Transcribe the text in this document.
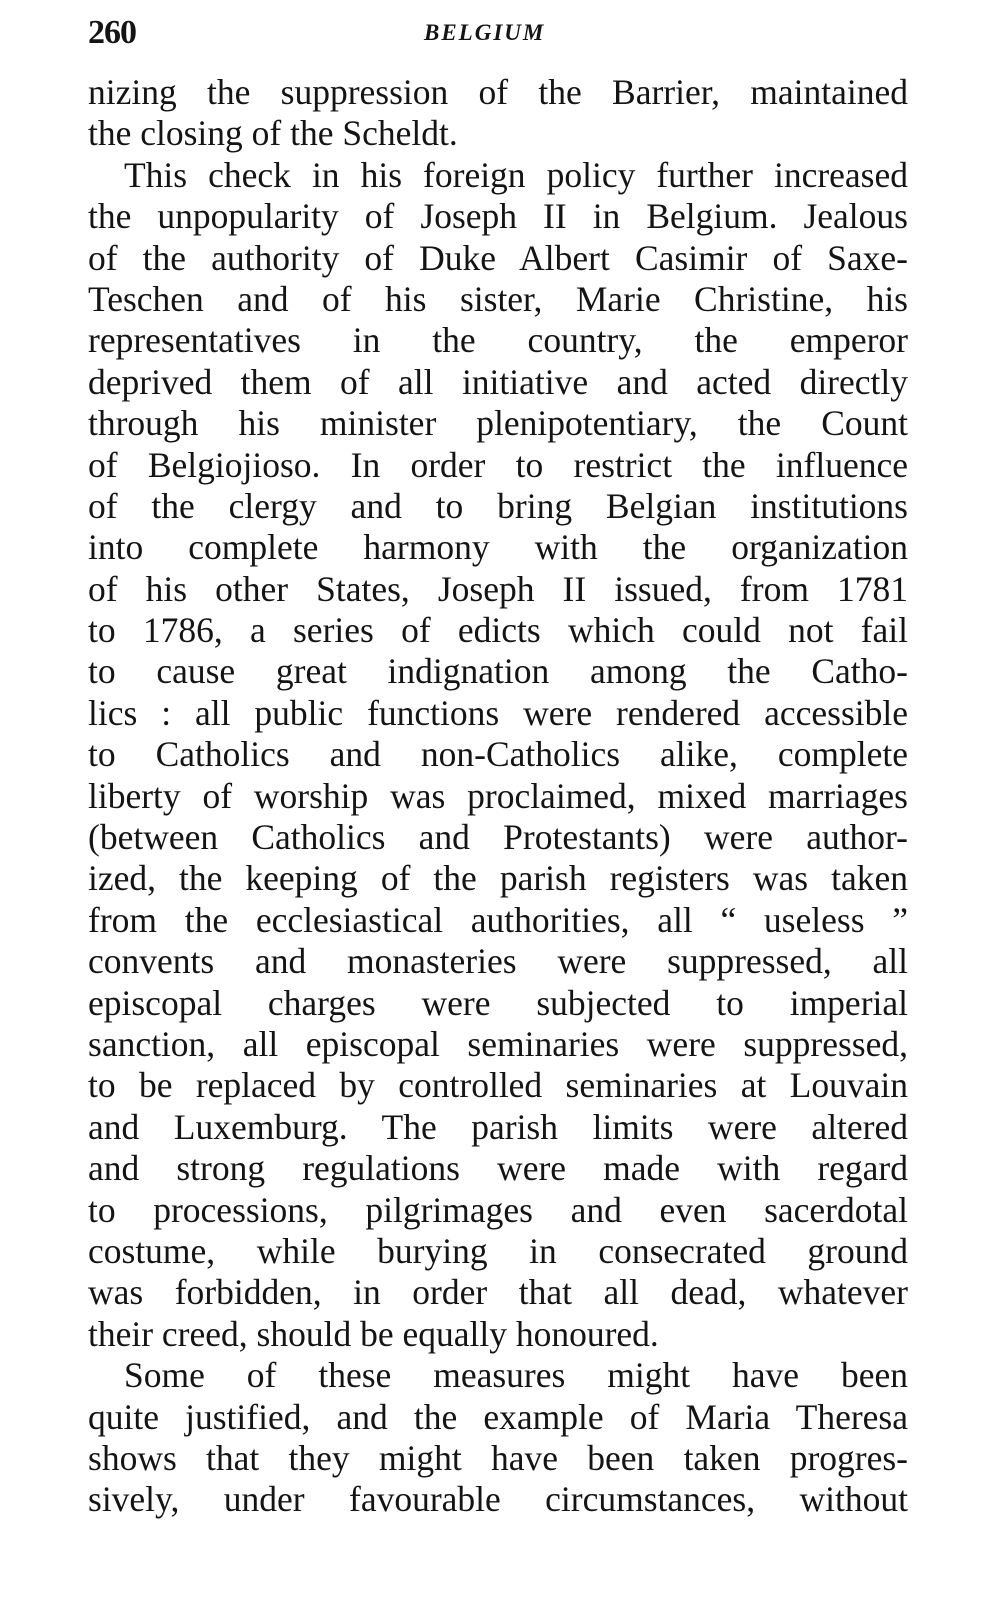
260	BELGIUM
nizing the suppression of the Barrier, maintained
the closing of the Scheldt.
This check in his foreign policy further increased
the unpopularity of Joseph II in Belgium. Jealous
of the authority of Duke Albert Casimir of Saxe-
Teschen and of his sister, Marie Christine, his
representatives in the country, the emperor
deprived them of all initiative and acted directly
through his minister plenipotentiary, the Count
of Belgiojioso. In order to restrict the influence
of the clergy and to bring Belgian institutions
into complete harmony with the organization
of his other States, Joseph II issued, from 1781
to 1786, a series of edicts which could not fail
to cause great indignation among the Catho-
lics : all public functions were rendered accessible
to Catholics and non-Catholics alike, complete
liberty of worship was proclaimed, mixed marriages
(between Catholics and Protestants) were author-
ized, the keeping of the parish registers was taken
from the ecclesiastical authorities, all “ useless ”
convents and monasteries were suppressed, all
episcopal charges were subjected to imperial
sanction, all episcopal seminaries were suppressed,
to be replaced by controlled seminaries at Louvain
and Luxemburg. The parish limits were altered
and strong regulations were made with regard
to processions, pilgrimages and even sacerdotal
costume, while burying in consecrated ground
was forbidden, in order that all dead, whatever
their creed, should be equally honoured.
Some of these measures might have been
quite justified, and the example of Maria Theresa
shows that they might have been taken progres-
sively, under favourable circumstances, without
